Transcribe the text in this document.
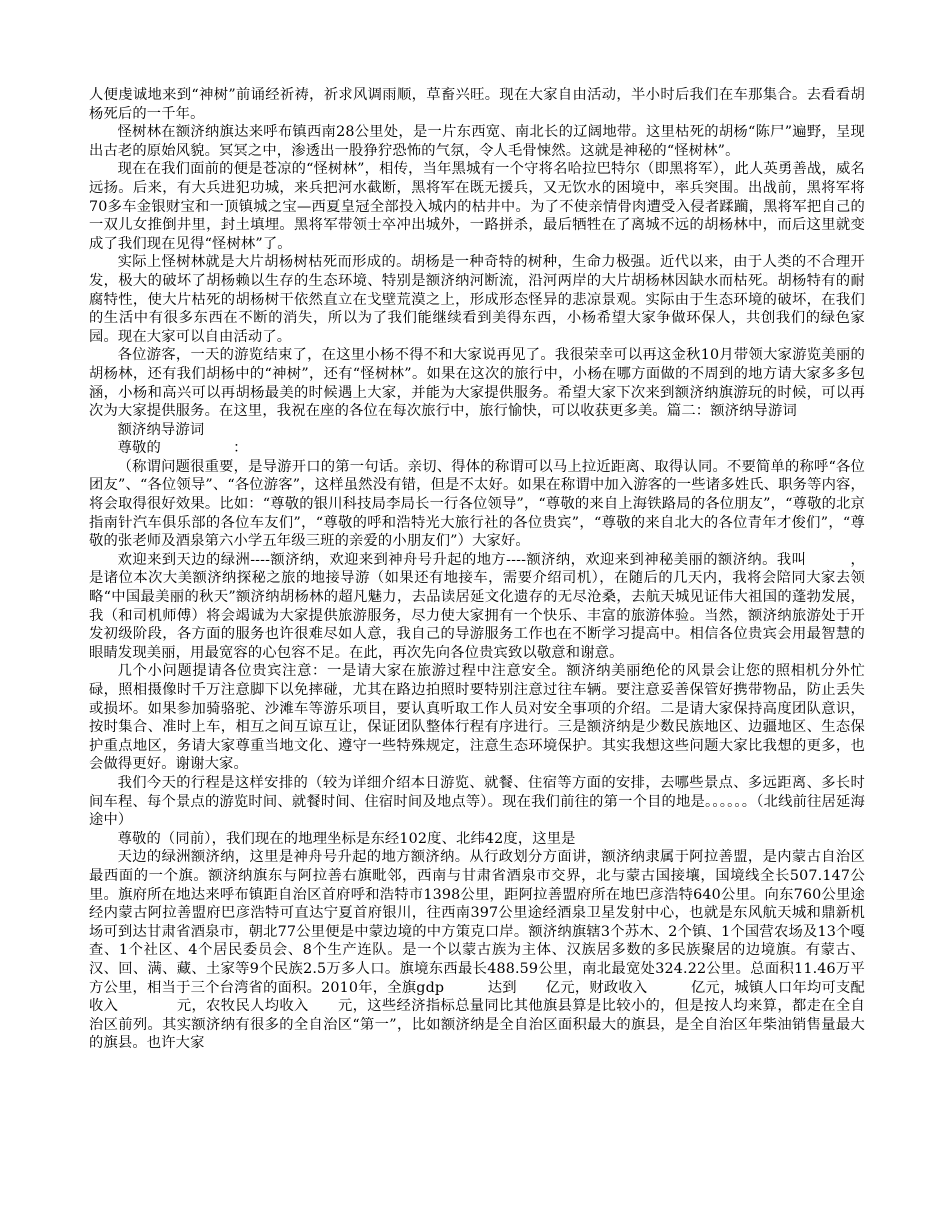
人便虔诚地来到“神树”前诵经祈祷，祈求风调雨顺，草畜兴旺。现在大家自由活动，半小时后我们在车那集合。去看看胡杨死后的一千年。

怪树林在额济纳旗达来呼布镇西南28公里处，是一片东西宽、南北长的辽阔地带。这里枯死的胡杨“陈尸”遍野，呈现出古老的原始风貌。冥冥之中，渗透出一股狰狞恐怖的气氛，令人毛骨悚然。这就是神秘的“怪树林”。

现在在我们面前的便是苍凉的“怪树林”，相传，当年黑城有一个守将名哈拉巴特尔（即黑将军），此人英勇善战，威名远扬。后来，有大兵进犯功城，来兵把河水截断，黑将军在既无援兵，又无饮水的困境中，率兵突围。出战前，黑将军将70多车金银财宝和一顶镇城之宝—西夏皇冠全部投入城内的枯井中。为了不使亲情骨肉遭受入侵者蹂躏，黑将军把自己的一双儿女推倒井里，封土填埋。黑将军带领士卒冲出城外，一路拼杀，最后牺牲在了离城不远的胡杨林中，而后这里就变成了我们现在见得“怪树林”了。

实际上怪树林就是大片胡杨树枯死而形成的。胡杨是一种奇特的树种，生命力极强。近代以来，由于人类的不合理开发，极大的破坏了胡杨赖以生存的生态环境、特别是额济纳河断流，沿河两岸的大片胡杨林因缺水而枯死。胡杨特有的耐腐特性，使大片枯死的胡杨树干依然直立在戈壁荒漠之上，形成形态怪异的悲凉景观。实际由于生态环境的破坏，在我们的生活中有很多东西在不断的消失，所以为了我们能继续看到美得东西，小杨希望大家争做环保人，共创我们的绿色家园。现在大家可以自由活动了。

各位游客，一天的游览结束了，在这里小杨不得不和大家说再见了。我很荣幸可以再这金秋10月带领大家游览美丽的胡杨林，还有我们胡杨中的“神树”，还有“怪树林”。如果在这次的旅行中，小杨在哪方面做的不周到的地方请大家多多包涵，小杨和高兴可以再胡杨最美的时候遇上大家，并能为大家提供服务。希望大家下次来到额济纳旗游玩的时候，可以再次为大家提供服务。在这里，我祝在座的各位在每次旅行中，旅行愉快，可以收获更多美。篇二：额济纳导游词

额济纳导游词

尊敬的　　　　　：

（称谓问题很重要，是导游开口的第一句话。亲切、得体的称谓可以马上拉近距离、取得认同。不要简单的称呼“各位团友”、“各位领导”、“各位游客”，这样虽然没有错，但是不太好。如果在称谓中加入游客的一些诸多姓氏、职务等内容，将会取得很好效果。比如：“尊敬的银川科技局李局长一行各位领导”，“尊敬的来自上海铁路局的各位朋友”，“尊敬的北京指南针汽车俱乐部的各位车友们”，“尊敬的呼和浩特光大旅行社的各位贵宾”，“尊敬的来自北大的各位青年才俊们”，“尊敬的张老师及酒泉第六小学五年级三班的亲爱的小朋友们”）大家好。

欢迎来到天边的绿洲----额济纳，欢迎来到神舟号升起的地方----额济纳，欢迎来到神秘美丽的额济纳。我叫　　　，是诸位本次大美额济纳探秘之旅的地接导游（如果还有地接车，需要介绍司机），在随后的几天内，我将会陪同大家去领略“中国最美丽的秋天”额济纳胡杨林的超凡魅力，去品读居延文化遗存的无尽沧桑，去航天城见证伟大祖国的蓬勃发展，我（和司机师傅）将会竭诚为大家提供旅游服务，尽力使大家拥有一个快乐、丰富的旅游体验。当然，额济纳旅游处于开发初级阶段，各方面的服务也许很难尽如人意，我自己的导游服务工作也在不断学习提高中。相信各位贵宾会用最智慧的眼睛发现美丽，用最宽容的心包容不足。在此，再次先向各位贵宾致以敬意和谢意。

几个小问题提请各位贵宾注意：一是请大家在旅游过程中注意安全。额济纳美丽绝伦的风景会让您的照相机分外忙碌，照相摄像时千万注意脚下以免摔碰，尤其在路边拍照时要特别注意过往车辆。要注意妥善保管好携带物品，防止丢失或损坏。如果参加骑骆驼、沙滩车等游乐项目，要认真听取工作人员对安全事项的介绍。二是请大家保持高度团队意识，按时集合、准时上车，相互之间互谅互让，保证团队整体行程有序进行。三是额济纳是少数民族地区、边疆地区、生态保护重点地区，务请大家尊重当地文化、遵守一些特殊规定，注意生态环境保护。其实我想这些问题大家比我想的更多，也会做得更好。谢谢大家。

我们今天的行程是这样安排的（较为详细介绍本日游览、就餐、住宿等方面的安排，去哪些景点、多远距离、多长时间车程、每个景点的游览时间、就餐时间、住宿时间及地点等）。现在我们前往的第一个目的地是。。。。。。（北线前往居延海途中）

尊敬的（同前），我们现在的地理坐标是东经102度、北纬42度，这里是

天边的绿洲额济纳，这里是神舟号升起的地方额济纳。从行政划分方面讲，额济纳隶属于阿拉善盟，是内蒙古自治区最西面的一个旗。额济纳旗东与阿拉善右旗毗邻，西南与甘肃省酒泉市交界，北与蒙古国接壤，国境线全长507.147公里。旗府所在地达来呼布镇距自治区首府呼和浩特市1398公里，距阿拉善盟府所在地巴彦浩特640公里。向东760公里途经内蒙古阿拉善盟府巴彦浩特可直达宁夏首府银川，往西南397公里途经酒泉卫星发射中心，也就是东风航天城和鼎新机场可到达甘肃省酒泉市，朝北77公里便是中蒙边境的中方策克口岸。额济纳旗辖3个苏木、2个镇、1个国营农场及13个嘎查、1个社区、4个居民委员会、8个生产连队。是一个以蒙古族为主体、汉族居多数的多民族聚居的边境旗。有蒙古、汉、回、满、藏、土家等9个民族2.5万多人口。旗境东西最长488.59公里，南北最宽处324.22公里。总面积11.46万平方公里，相当于三个台湾省的面积。2010年，全旗gdp　　　达到　　亿元，财政收入　　　亿元，城镇人口年均可支配收入　　　　元，农牧民人均收入　　元，这些经济指标总量同比其他旗县算是比较小的，但是按人均来算，都走在全自治区前列。其实额济纳有很多的全自治区“第一”，比如额济纳是全自治区面积最大的旗县，是全自治区年柴油销售量最大的旗县。也许大家
